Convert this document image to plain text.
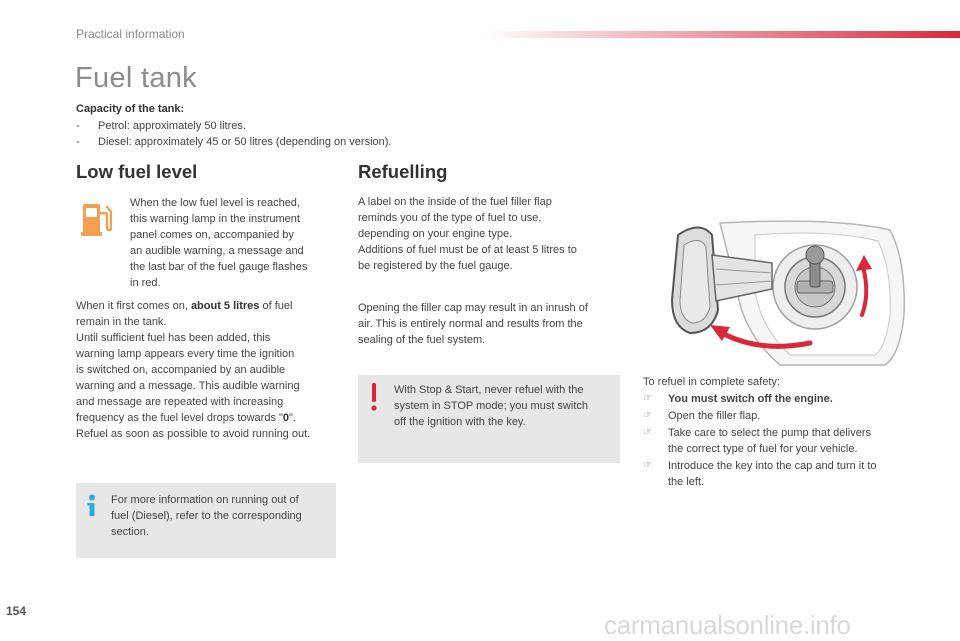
Practical information
Fuel tank
Capacity of the tank:
- Petrol: approximately 50 litres.
- Diesel: approximately 45 or 50 litres (depending on version).
Low fuel level
When the low fuel level is reached,
this warning lamp in the instrument
panel comes on, accompanied by
an audible warning, a message and
the last bar of the fuel gauge flashes
in red.
When it first comes on, about 5 litres of fuel
remain in the tank.
Until sufficient fuel has been added, this
warning lamp appears every time the ignition
is switched on, accompanied by an audible
warning and a message. This audible warning
and message are repeated with increasing
frequency as the fuel level drops towards "0".
Refuel as soon as possible to avoid running out.
For more information on running out of
fuel (Diesel), refer to the corresponding
section.
Refuelling
A label on the inside of the fuel filler flap
reminds you of the type of fuel to use,
depending on your engine type.
Additions of fuel must be of at least 5 litres to
be registered by the fuel gauge.
Opening the filler cap may result in an inrush of
air. This is entirely normal and results from the
sealing of the fuel system.
With Stop & Start, never refuel with the
system in STOP mode; you must switch
off the ignition with the key.
To refuel in complete safety:
☞ You must switch off the engine.
☞ Open the filler flap.
☞ Take care to select the pump that delivers
the correct type of fuel for your vehicle.
☞ Introduce the key into the cap and turn it to
the left.
154	carmanualsonline.info
